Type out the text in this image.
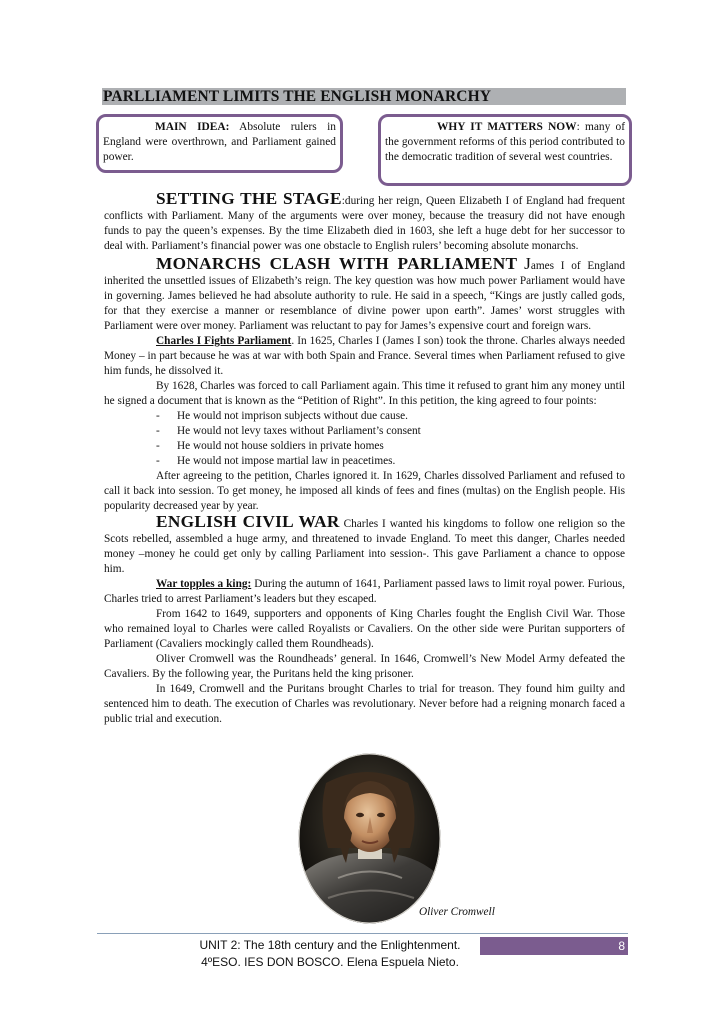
PARLLIAMENT LIMITS THE ENGLISH MONARCHY

MAIN IDEA: Absolute rulers in England were overthrown, and Parliament gained power.

WHY IT MATTERS NOW: many of the government reforms of this period contributed to the democratic tradition of several west countries.

SETTING THE STAGE:during her reign, Queen Elizabeth I of England had frequent conflicts with Parliament. Many of the arguments were over money, because the treasury did not have enough funds to pay the queen’s expenses. By the time Elizabeth died in 1603, she left a huge debt for her successor to deal with. Parliament’s financial power was one obstacle to English rulers’ becoming absolute monarchs.

MONARCHS CLASH WITH PARLIAMENT James I of England inherited the unsettled issues of Elizabeth’s reign. The key question was how much power Parliament would have in governing. James believed he had absolute authority to rule. He said in a speech, “Kings are justly called gods, for that they exercise a manner or resemblance of divine power upon earth”. James’ worst struggles with Parliament were over money. Parliament was reluctant to pay for James’s expensive court and foreign wars.

Charles I Fights Parliament. In 1625, Charles I (James I son) took the throne. Charles always needed Money – in part because he was at war with both Spain and France. Several times when Parliament refused to give him funds, he dissolved it.

By 1628, Charles was forced to call Parliament again. This time it refused to grant him any money until he signed a document that is known as the “Petition of Right”. In this petition, the king agreed to four points:

- He would not imprison subjects without due cause.
- He would not levy taxes without Parliament’s consent
- He would not house soldiers in private homes
- He would not impose martial law in peacetimes.

After agreeing to the petition, Charles ignored it. In 1629, Charles dissolved Parliament and refused to call it back into session. To get money, he imposed all kinds of fees and fines (multas) on the English people. His popularity decreased year by year.

ENGLISH CIVIL WAR Charles I wanted his kingdoms to follow one religion so the Scots rebelled, assembled a huge army, and threatened to invade England. To meet this danger, Charles needed money –money he could get only by calling Parliament into session-. This gave Parliament a chance to oppose him.

War topples a king: During the autumn of 1641, Parliament passed laws to limit royal power. Furious, Charles tried to arrest Parliament’s leaders but they escaped.

From 1642 to 1649, supporters and opponents of King Charles fought the English Civil War. Those who remained loyal to Charles were called Royalists or Cavaliers. On the other side were Puritan supporters of Parliament (Cavaliers mockingly called them Roundheads).

Oliver Cromwell was the Roundheads’ general. In 1646, Cromwell’s New Model Army defeated the Cavaliers. By the following year, the Puritans held the king prisoner.

In 1649, Cromwell and the Puritans brought Charles to trial for treason. They found him guilty and sentenced him to death. The execution of Charles was revolutionary. Never before had a reigning monarch faced a public trial and execution.

Oliver Cromwell
UNIT 2: The 18th century and the Enlightenment.
4ºESO. IES DON BOSCO. Elena Espuela Nieto.
8
